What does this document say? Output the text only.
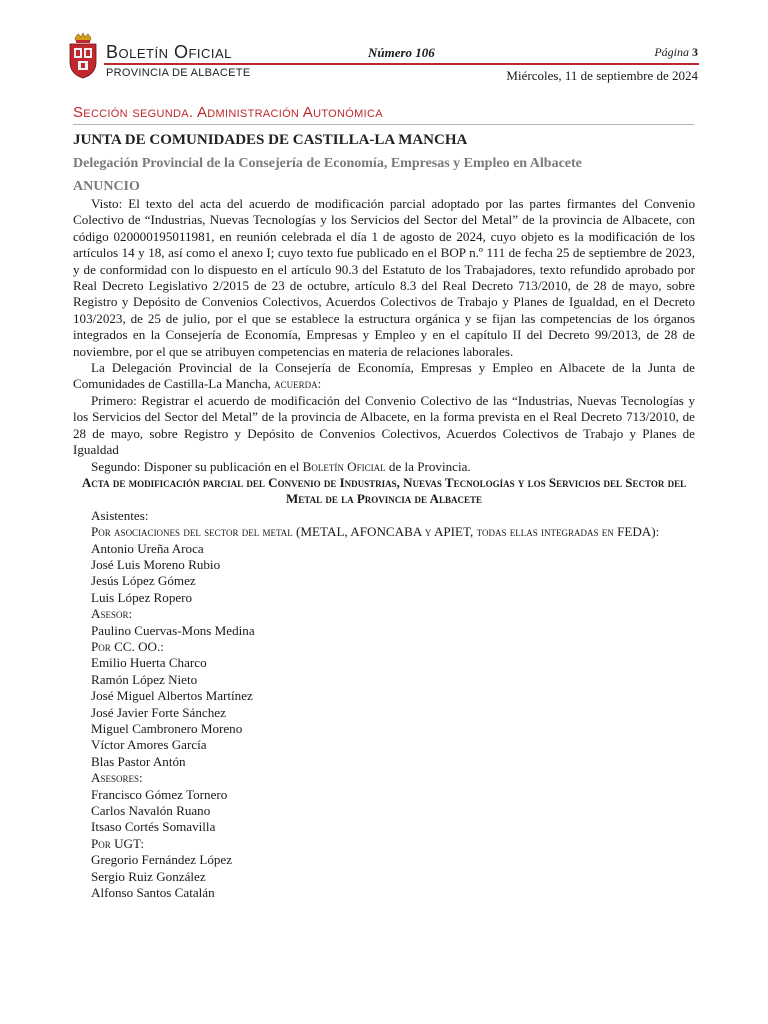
Boletín Oficial
PROVINCIA DE ALBACETE
Número 106	Página 3
Miércoles, 11 de septiembre de 2024
Sección segunda. Administración Autonómica
JUNTA DE COMUNIDADES DE CASTILLA-LA MANCHA
Delegación Provincial de la Consejería de Economía, Empresas y Empleo en Albacete
ANUNCIO

Visto: El texto del acta del acuerdo de modificación parcial adoptado por las partes firmantes del Convenio Colectivo de “Industrias, Nuevas Tecnologías y los Servicios del Sector del Metal” de la provincia de Albacete, con código 020000195011981, en reunión celebrada el día 1 de agosto de 2024, cuyo objeto es la modificación de los artículos 14 y 18, así como el anexo I; cuyo texto fue publicado en el BOP n.º 111 de fecha 25 de septiembre de 2023, y de conformidad con lo dispuesto en el artículo 90.3 del Estatuto de los Trabajadores, texto refundido aprobado por Real Decreto Legislativo 2/2015 de 23 de octubre, artículo 8.3 del Real Decreto 713/2010, de 28 de mayo, sobre Registro y Depósito de Convenios Colectivos, Acuerdos Colectivos de Trabajo y Planes de Igualdad, en el Decreto 103/2023, de 25 de julio, por el que se establece la estructura orgánica y se fijan las competencias de los órganos integrados en la Consejería de Economía, Empresas y Empleo y en el capítulo II del Decreto 99/2013, de 28 de noviembre, por el que se atribuyen competencias en materia de relaciones laborales.

La Delegación Provincial de la Consejería de Economía, Empresas y Empleo en Albacete de la Junta de Comunidades de Castilla-La Mancha, acuerda:

Primero: Registrar el acuerdo de modificación del Convenio Colectivo de las “Industrias, Nuevas Tecnologías y los Servicios del Sector del Metal” de la provincia de Albacete, en la forma prevista en el Real Decreto 713/2010, de 28 de mayo, sobre Registro y Depósito de Convenios Colectivos, Acuerdos Colectivos de Trabajo y Planes de Igualdad

Segundo: Disponer su publicación en el Boletín Oficial de la Provincia.

Acta de modificación parcial del Convenio de Industrias, Nuevas Tecnologías y los Servicios del Sector del Metal de la Provincia de Albacete

Asistentes:

Por asociaciones del sector del metal (METAL, AFONCABA y APIET, todas ellas integradas en FEDA):

Antonio Ureña Aroca
José Luis Moreno Rubio
Jesús López Gómez
Luis López Ropero
Asesor:
Paulino Cuervas-Mons Medina
Por CC. OO.:
Emilio Huerta Charco
Ramón López Nieto
José Miguel Albertos Martínez
José Javier Forte Sánchez
Miguel Cambronero Moreno
Víctor Amores García
Blas Pastor Antón
Asesores:
Francisco Gómez Tornero
Carlos Navalón Ruano
Itsaso Cortés Somavilla
Por UGT:
Gregorio Fernández López
Sergio Ruiz González
Alfonso Santos Catalán
